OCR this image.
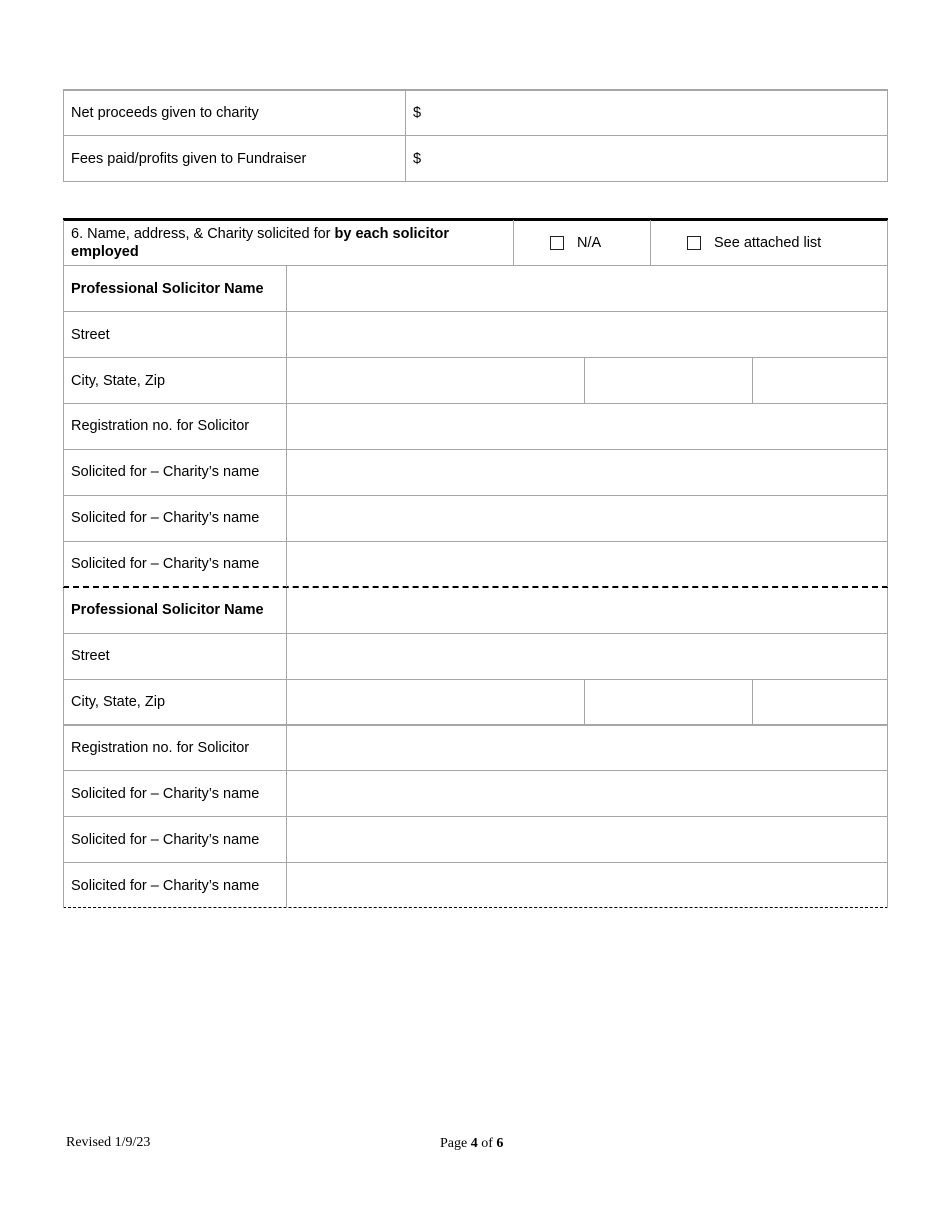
Net proceeds given to charity	$
Fees paid/profits given to Fundraiser	$
6. Name, address, & Charity solicited for by each solicitor
employed
N/A	See attached list
Professional Solicitor Name
Street
City, State, Zip
Registration no. for Solicitor
Solicited for – Charity’s name
Solicited for – Charity’s name
Solicited for – Charity’s name
Professional Solicitor Name
Street
City, State, Zip
Registration no. for Solicitor
Solicited for – Charity’s name
Solicited for – Charity’s name
Solicited for – Charity’s name
Revised 1/9/23	Page 4 of 6
